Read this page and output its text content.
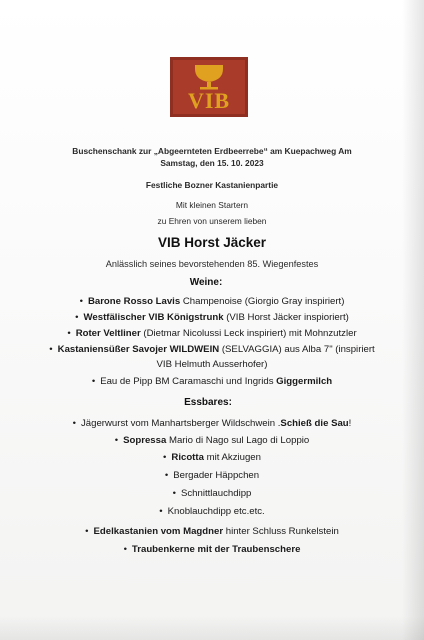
VIB
Buschenschank zur „Abgeernteten Erdbeerrebe“ am Kuepachweg Am
Samstag, den 15. 10. 2023
Festliche Bozner Kastanienpartie
Mit kleinen Startern
zu Ehren von unserem lieben
VIB Horst Jäcker
Anlässlich seines bevorstehenden 85. Wiegenfestes
Weine:
• Barone Rosso Lavis Champenoise (Giorgio Gray inspiriert)
• Westfälischer VIB Königstrunk (VIB Horst Jäcker inspioriert)
• Roter Veltliner (Dietmar Nicolussi Leck inspiriert) mit Mohnzutzler
• Kastaniensüßer Savojer WILDWEIN (SELVAGGIA) aus Alba 7" (inspiriert
VIB Helmuth Ausserhofer)
• Eau de Pipp BM Caramaschi und Ingrids Giggermilch
Essbares:
• Jägerwurst vom Manhartsberger Wildschwein .Schieß die Sau!
• Sopressa Mario di Nago sul Lago di Loppio
• Ricotta mit Akziugen
• Bergader Häppchen
• Schnittlauchdipp
• Knoblauchdipp etc.etc.
• Edelkastanien vom Magdner hinter Schluss Runkelstein
• Traubenkerne mit der Traubenschere
